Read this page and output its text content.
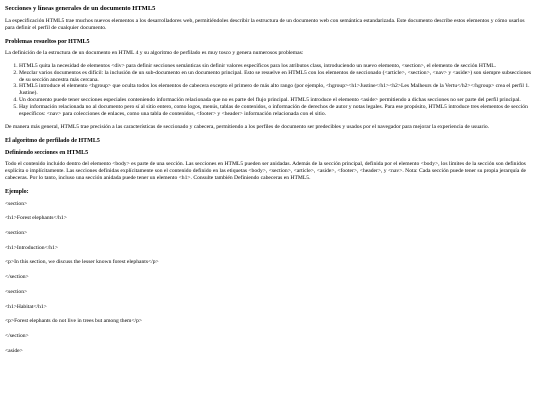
Secciones y líneas generales de un documento HTML5

La especificación HTML5 trae muchos nuevos elementos a los desarrolladores web, permitiéndoles describir la estructura de un documento web con semántica estandarizada. Este documento describe estos elementos y cómo usarlos para definir el perfil de cualquier documento.

Problemas resueltos por HTML5

La definición de la estructura de un documento en HTML 4 y su algoritmo de perfilado es muy tosco y genera numerosos problemas:

1. HTML5 quita la necesidad de elementos <div> para definir secciones semánticas sin definir valores específicos para los atributos class, introduciendo un nuevo elemento, <section>, el elemento de sección HTML.
2. Mezclar varios documentos es difícil: la inclusión de un sub-documento en un documento principal. Esto se resuelve en HTML5 con los elementos de seccionado (<article>, <section>, <nav> y <aside>) son siempre subsecciones de su sección ancestra más cercana.
3. HTML5 introduce el elemento <hgroup> que oculta todos los elementos de cabecera excepto el primero de más alto rango (por ejemplo, <hgroup><h1>Justine</h1><h2>Les Malheurs de la Vertu</h2></hgroup> crea el perfil 1. Justine).
4. Un documento puede tener secciones especiales conteniendo información relacionada que no es parte del flujo principal. HTML5 introduce el elemento <aside> permitiendo a dichas secciones no ser parte del perfil principal.
5. Hay información relacionada no al documento pero sí al sitio entero, como logos, menús, tablas de contenidos, o información de derechos de autor y notas legales. Para ese propósito, HTML5 introduce tres elementos de sección específicos: <nav> para colecciones de enlaces, como una tabla de contenidos, <footer> y <header> información relacionada con el sitio.

De manera más general, HTML5 trae precisión a las características de seccionado y cabecera, permitiendo a los perfiles de documento ser predecibles y usados por el navegador para mejorar la experiencia de usuario.

El algoritmo de perfilado de HTML5
Definiendo secciones en HTML5

Todo el contenido incluido dentro del elemento <body> es parte de una sección. Las secciones en HTML5 pueden ser anidadas. Además de la sección principal, definida por el elemento <body>, los límites de la sección son definidos explícita o implícitamente. Las secciones definidas explícitamente son el contenido definido en las etiquetas <body>, <section>, <article>, <aside>, <footer>, <header>, y <nav>. Nota: Cada sección puede tener su propia jerarquía de cabeceras. Por lo tanto, incluso una sección anidada puede tener un elemento <h1>. Consulte también Definiendo cabeceras en HTML5.

Ejemplo:

<section>

<h1>Forest elephants</h1>

<section>

<h1>Introduction</h1>

<p>In this section, we discuss the lesser known forest elephants</p>

</section>

<section>

<h1>Habitat</h1>

<p>Forest elephants do not live in trees but among them</p>

</section>

<aside>
